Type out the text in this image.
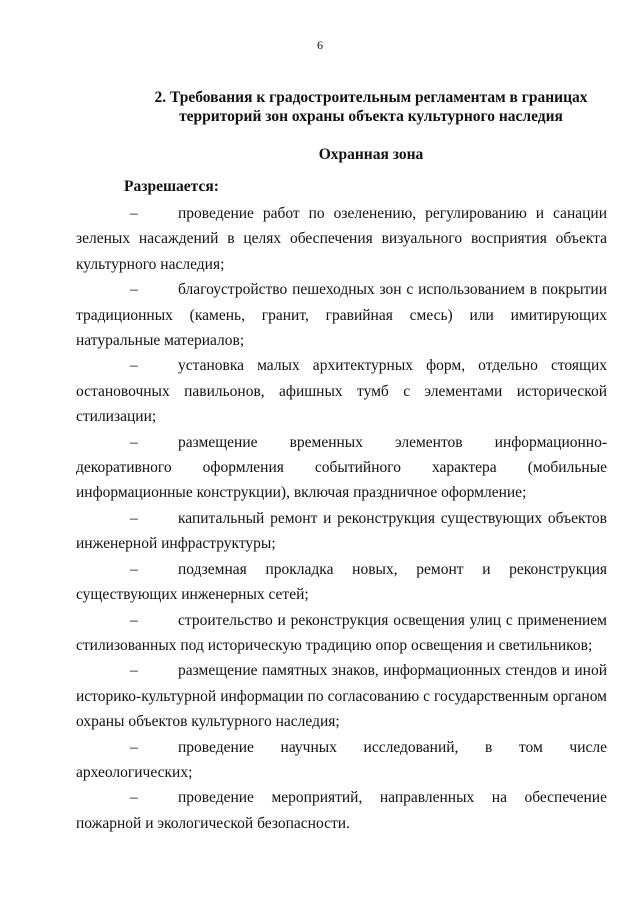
6
2. Требования к градостроительным регламентам в границах
территорий зон охраны объекта культурного наследия
Охранная зона
Разрешается:
–	проведение работ по озеленению, регулированию и санации зеленых насаждений в целях обеспечения визуального восприятия объекта культурного наследия;
–	благоустройство пешеходных зон с использованием в покрытии традиционных (камень, гранит, гравийная смесь) или имитирующих натуральные материалов;
–	установка малых архитектурных форм, отдельно стоящих остановочных павильонов, афишных тумб с элементами исторической стилизации;
–	размещение временных элементов информационно-декоративного оформления событийного характера (мобильные информационные конструкции), включая праздничное оформление;
–	капитальный ремонт и реконструкция существующих объектов инженерной инфраструктуры;
–	подземная прокладка новых, ремонт и реконструкция существующих инженерных сетей;
–	строительство и реконструкция освещения улиц с применением стилизованных под историческую традицию опор освещения и светильников;
–	размещение памятных знаков, информационных стендов и иной историко-культурной информации по согласованию с государственным органом охраны объектов культурного наследия;
–	проведение научных исследований, в том числе археологических;
–	проведение мероприятий, направленных на обеспечение пожарной и экологической безопасности.
